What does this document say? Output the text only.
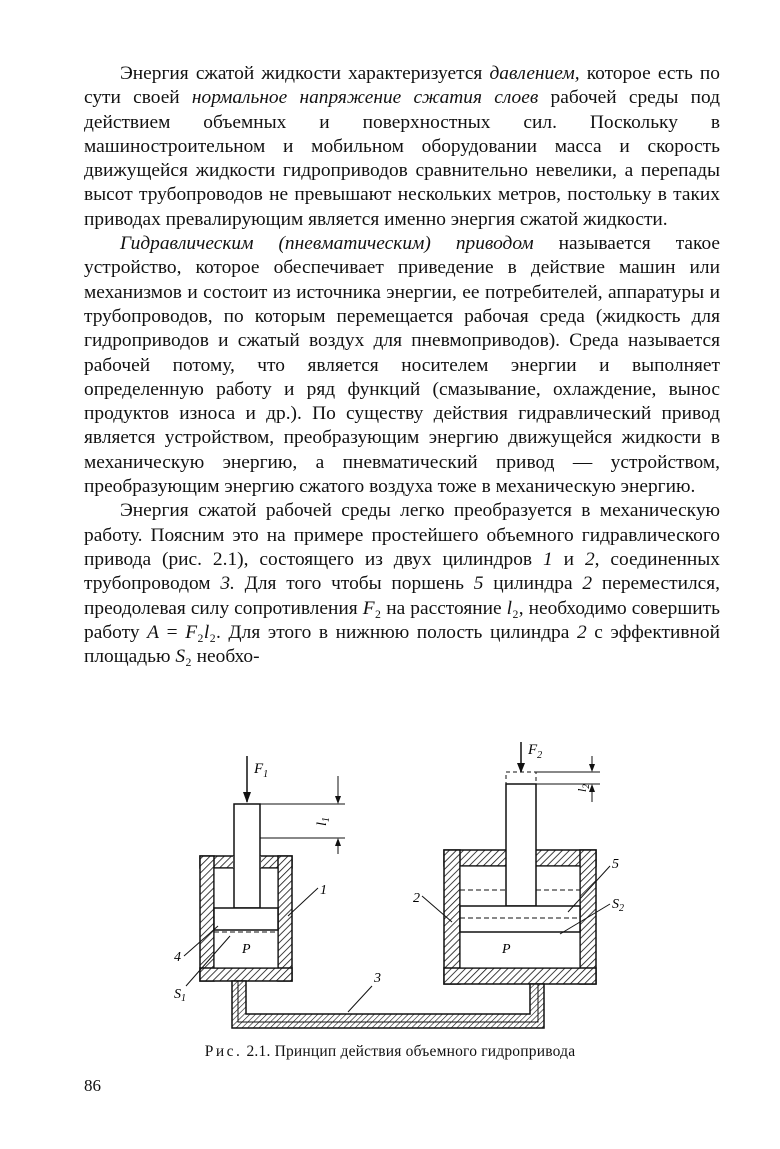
Энергия сжатой жидкости характеризуется давлением, которое есть по сути своей нормальное напряжение сжатия слоев рабочей среды под действием объемных и поверхностных сил. Поскольку в машиностроительном и мобильном оборудовании масса и скорость движущейся жидкости гидроприводов сравнительно невелики, а перепады высот трубопроводов не превышают нескольких метров, постольку в таких приводах превалирующим является именно энергия сжатой жидкости.

Гидравлическим (пневматическим) приводом называется такое устройство, которое обеспечивает приведение в действие машин или механизмов и состоит из источника энергии, ее потребителей, аппаратуры и трубопроводов, по которым перемещается рабочая среда (жидкость для гидроприводов и сжатый воздух для пневмоприводов). Среда называется рабочей потому, что является носителем энергии и выполняет определенную работу и ряд функций (смазывание, охлаждение, вынос продуктов износа и др.). По существу действия гидравлический привод является устройством, преобразующим энергию движущейся жидкости в механическую энергию, а пневматический привод — устройством, преобразующим энергию сжатого воздуха тоже в механическую энергию.

Энергия сжатой рабочей среды легко преобразуется в механическую работу. Поясним это на примере простейшего объемного гидравлического привода (рис. 2.1), состоящего из двух цилиндров 1 и 2, соединенных трубопроводом 3. Для того чтобы поршень 5 цилиндра 2 переместился, преодолевая силу сопротивления F₂ на расстояние l₂, необходимо совершить работу A = F₂l₂. Для этого в нижнюю полость цилиндра 2 с эффективной площадью S₂ необхо-

$F_1$
$l_1$
P
1
4
$S_1$
$F_2$
$l_2$
P
2
5
$S_2$
3
Рис. 2.1. Принцип действия объемного гидропривода
86
